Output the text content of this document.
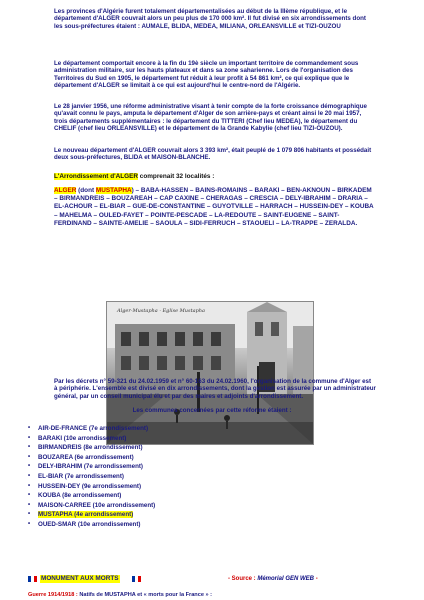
Les provinces d'Algérie furent totalement départementalisées au début de la IIIème république, et le département d'ALGER couvrait alors un peu plus de 170 000 km². Il fut divisé en six arrondissements dont les sous-préfectures étaient : AUMALE, BLIDA, MEDEA, MILIANA, ORLEANSVILLE et TIZI-OUZOU
Le département comportait encore à la fin du 19è siècle un important territoire de commandement sous administration militaire, sur les hauts plateaux et dans sa zone saharienne. Lors de l'organisation des Territoires du Sud en 1905, le département fut réduit à leur profit à 54 861 km², ce qui explique que le département d'ALGER se limitait à ce qui est aujourd'hui le centre-nord de l'Algérie.
Le 28 janvier 1956, une réforme administrative visant à tenir compte de la forte croissance démographique qu'avait connu le pays, amputa le département d'Alger de son arrière-pays et créant ainsi le 20 mai 1957, trois départements supplémentaires : le département du TITTERI (Chef lieu MEDEA), le département du CHELIF (chef lieu ORLEANSVILLE) et le département de la Grande Kabylie (chef lieu TIZI-OUZOU).
Le nouveau département d'ALGER couvrait alors 3 393 km², était peuplé de 1 079 806 habitants et possédait deux sous-préfectures, BLIDA et MAISON-BLANCHE.
L'Arrondissement d'ALGER comprenait 32 localités :
ALGER (dont MUSTAPHA) – BABA-HASSEN – BAINS-ROMAINS – BARAKI – BEN-AKNOUN – BIRKADEM – BIRMANDREIS – BOUZAREAH – CAP CAXINE – CHERAGAS – CRESCIA – DELY-IBRAHIM – DRARIA – EL-ACHOUR – EL-BIAR – GUE-DE-CONSTANTINE – GUYOTVILLE – HARRACH – HUSSEIN-DEY – KOUBA – MAHELMA – OULED-FAYET – POINTE-PESCADE – LA-REDOUTE – SAINT-EUGENE – SAINT-FERDINAND – SAINTE-AMELIE – SAOULA – SIDI-FERRUCH – STAOUELI – LA-TRAPPE – ZERALDA.
Alger-Mustapha · Eglise Mustapha
Par les décrets n° 59-321 du 24.02.1959 et n° 60-163 du 24.02.1960, l'organisation de la commune d'Alger est à périphérie. L'ensemble est divisé en dix arrondissements, dont la gestion est assurée par un administrateur général, par un conseil municipal élu et par des maires et adjoints d'arrondissement.
Les communes concernées par cette réforme étaient :
• AIR-DE-FRANCE (7e arrondissement)
• BARAKI (10e arrondissement)
• BIRMANDREIS (8e arrondissement)
• BOUZAREA (6e arrondissement)
• DELY-IBRAHIM (7e arrondissement)
• EL-BIAR (7e arrondissement)
• HUSSEIN-DEY (9e arrondissement)
• KOUBA (8e arrondissement)
• MAISON-CARREE (10e arrondissement)
• MUSTAPHA (4e arrondissement)
• OUED-SMAR (10e arrondissement)
MONUMENT AUX MORTS	- Source : Mémorial GEN WEB -
Guerre 1914/1918 : Natifs de MUSTAPHA et « morts pour la France » :
